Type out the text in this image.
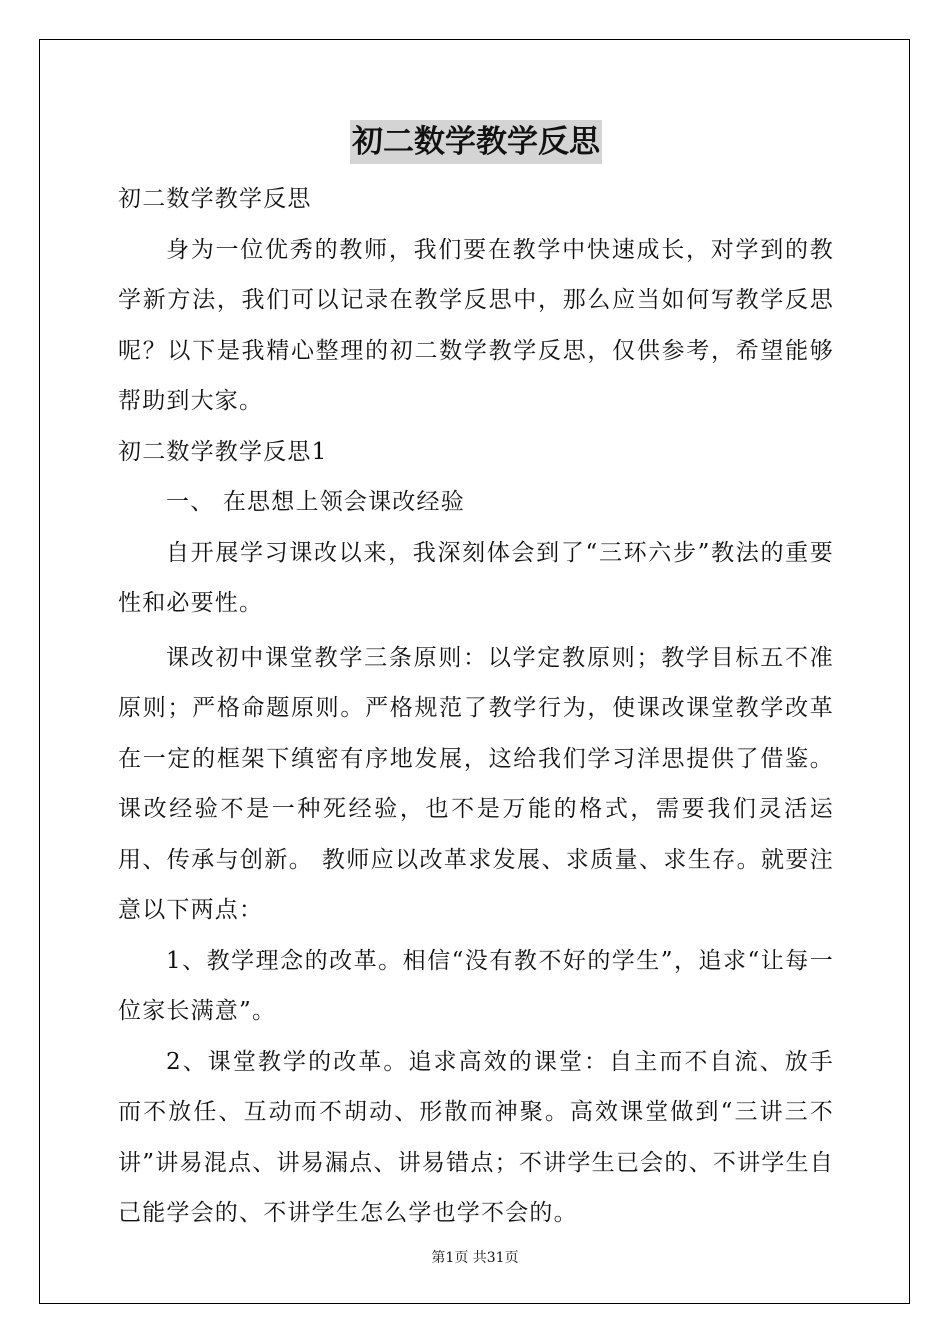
初二数学教学反思

初二数学教学反思

身为一位优秀的教师，我们要在教学中快速成长，对学到的教学新方法，我们可以记录在教学反思中，那么应当如何写教学反思呢？以下是我精心整理的初二数学教学反思，仅供参考，希望能够帮助到大家。

初二数学教学反思1

一、 在思想上领会课改经验

自开展学习课改以来，我深刻体会到了“三环六步”教法的重要性和必要性。

课改初中课堂教学三条原则：以学定教原则；教学目标五不准原则；严格命题原则。严格规范了教学行为，使课改课堂教学改革在一定的框架下缜密有序地发展，这给我们学习洋思提供了借鉴。课改经验不是一种死经验，也不是万能的格式，需要我们灵活运用、传承与创新。 教师应以改革求发展、求质量、求生存。就要注意以下两点：

1、教学理念的改革。相信“没有教不好的学生”，追求“让每一位家长满意”。

2、课堂教学的改革。追求高效的课堂：自主而不自流、放手而不放任、互动而不胡动、形散而神聚。高效课堂做到“三讲三不讲”讲易混点、讲易漏点、讲易错点；不讲学生已会的、不讲学生自己能学会的、不讲学生怎么学也学不会的。

第1页 共31页
